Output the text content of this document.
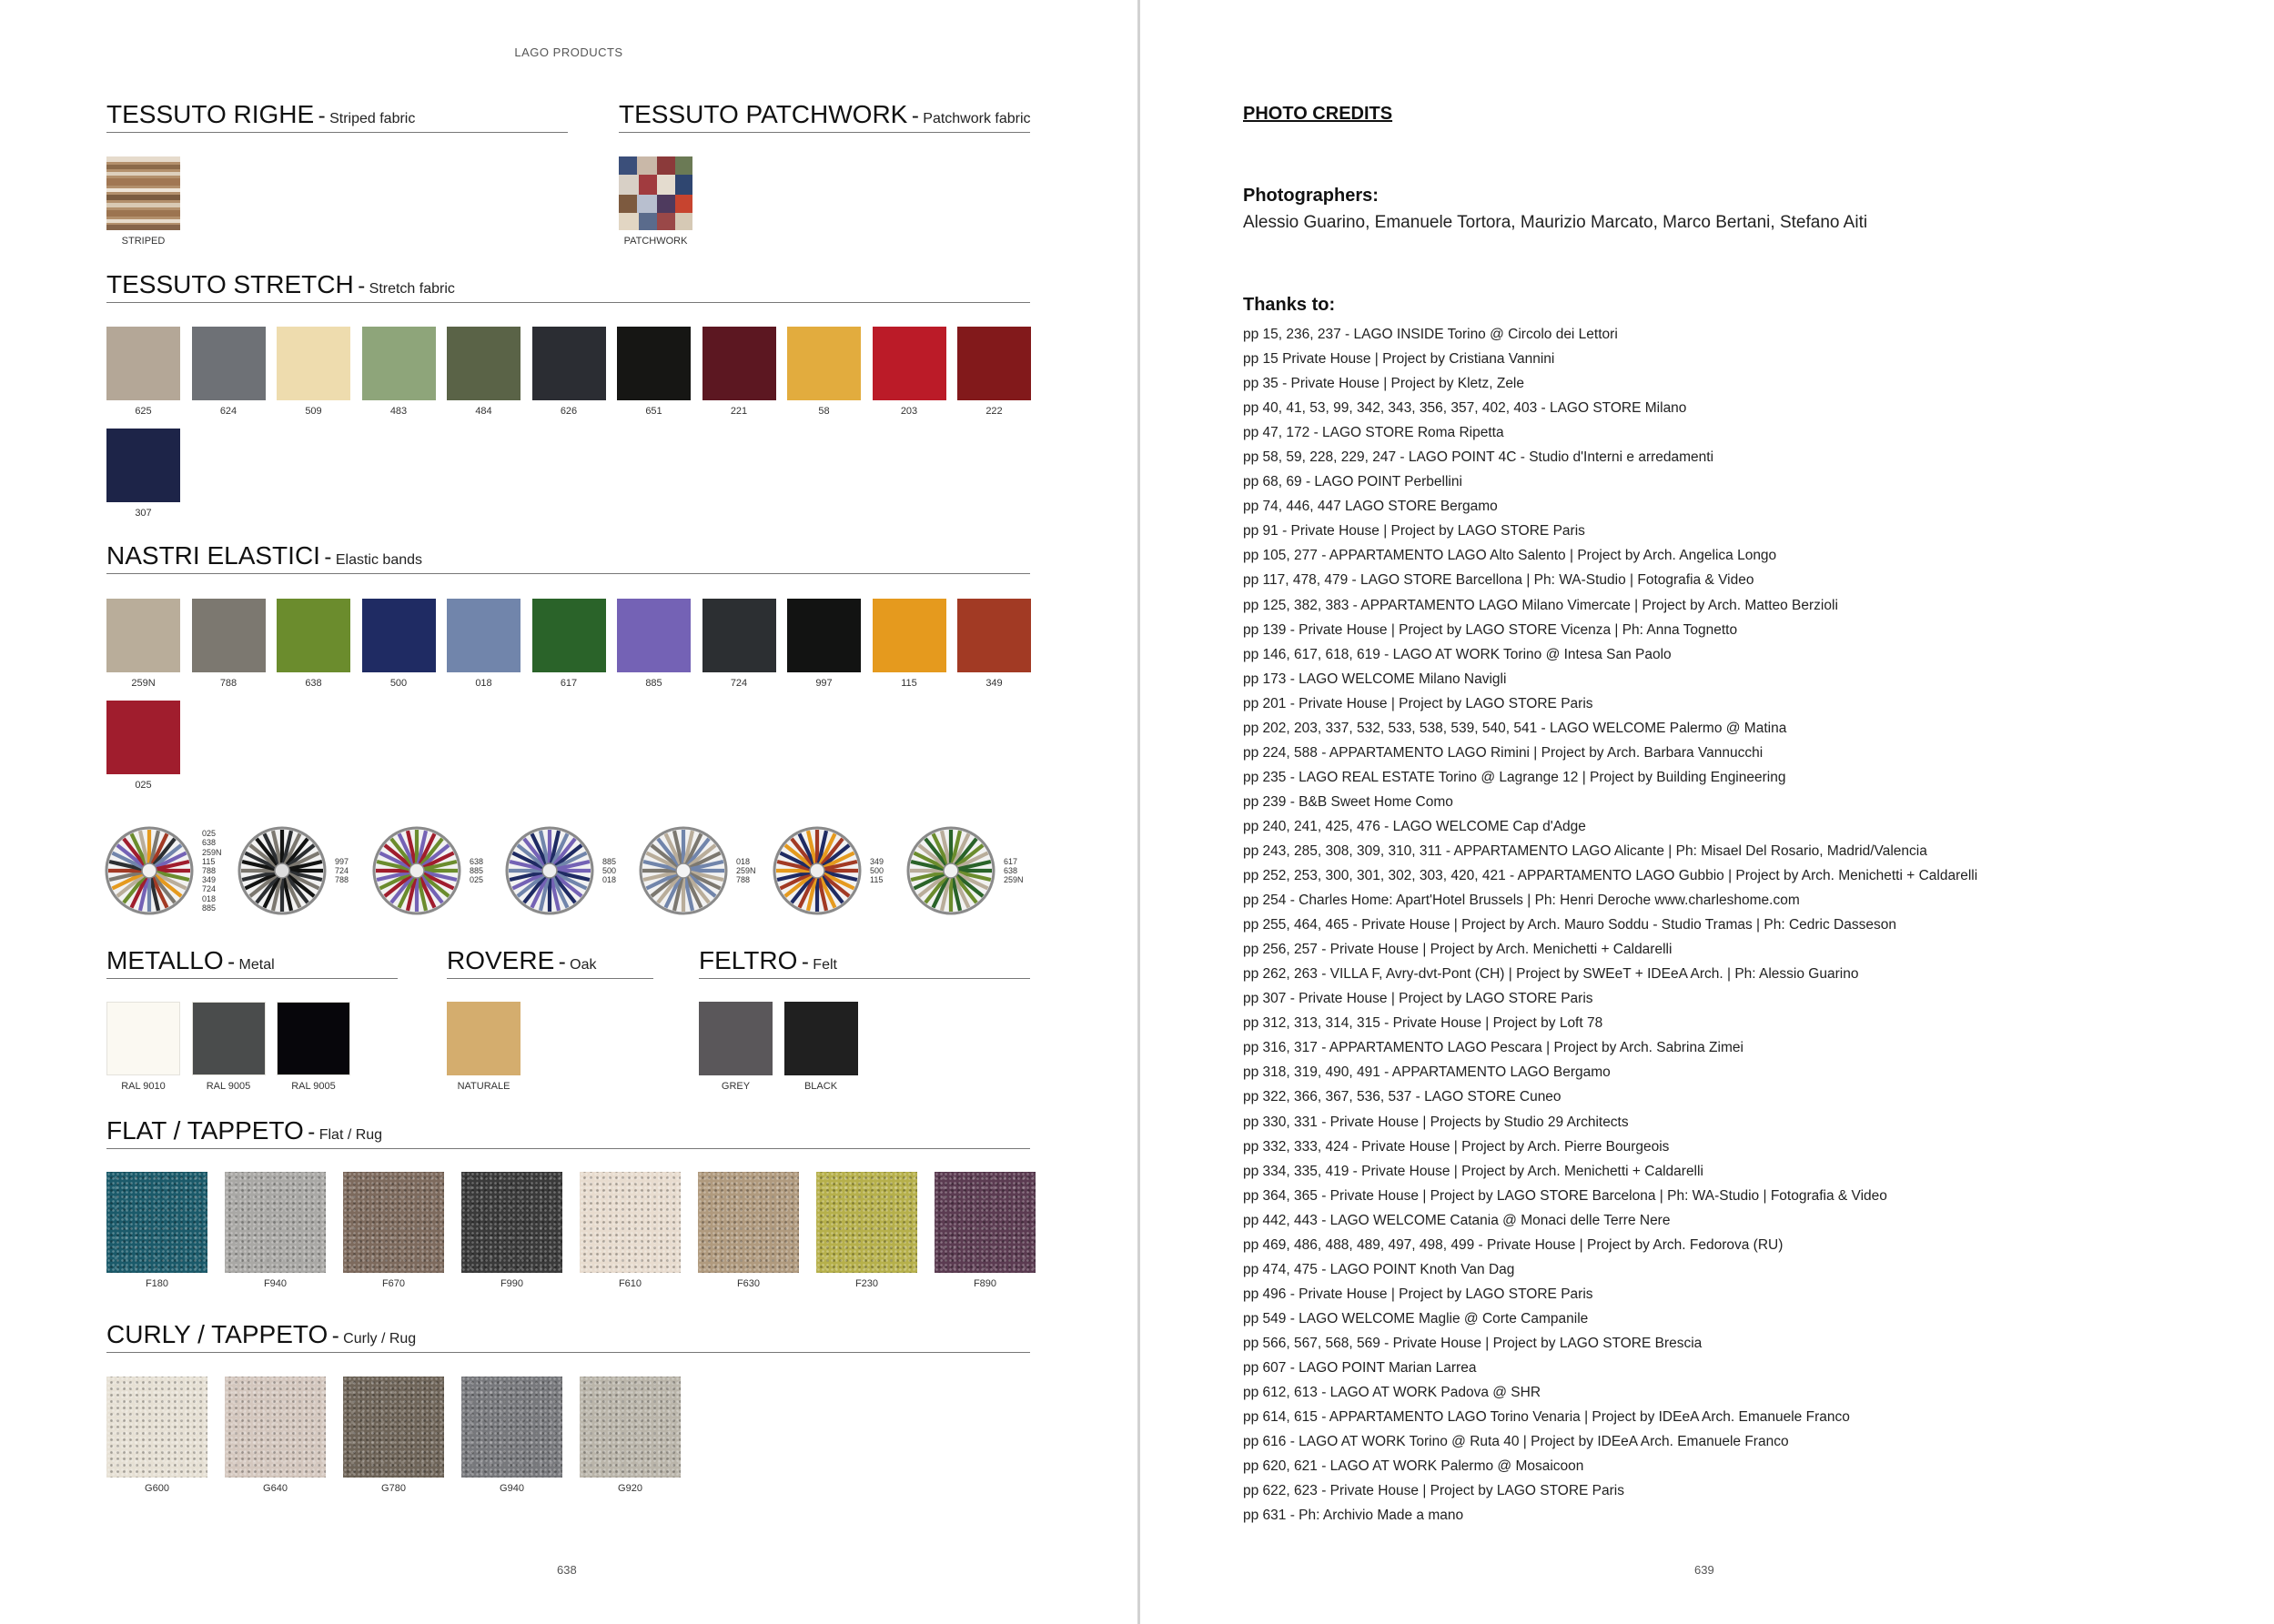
LAGO PRODUCTS
TESSUTO RIGHE - Striped fabric
STRIPED
TESSUTO PATCHWORK - Patchwork fabric
PATCHWORK
TESSUTO STRETCH - Stretch fabric
625	624	509	483	484	626	651	221	58	203	222
307
NASTRI ELASTICI - Elastic bands
259N	788	638	500	018	617	885	724	997	115	349
025
025
638
259N
115
788
349
724
018
885
997
724
788
638
885
025
885
500
018
018
259N
788
349
500
115
617
638
259N
METALLO - Metal	ROVERE - Oak	FELTRO - Felt
RAL 9010	RAL 9005	RAL 9005	NATURALE	GREY	BLACK
FLAT / TAPPETO - Flat / Rug
F180	F940	F670	F990	F610	F630	F230	F890
CURLY / TAPPETO - Curly / Rug
G600	G640	G780	G940	G920
638
PHOTO CREDITS
Photographers:
Alessio Guarino, Emanuele Tortora, Maurizio Marcato, Marco Bertani, Stefano Aiti
Thanks to:
pp 15, 236, 237 - LAGO INSIDE Torino @ Circolo dei Lettori
pp 15 Private House | Project by Cristiana Vannini
pp 35 - Private House | Project by Kletz, Zele
pp 40, 41, 53, 99, 342, 343, 356, 357, 402, 403 - LAGO STORE Milano
pp 47, 172 - LAGO STORE Roma Ripetta
pp 58, 59, 228, 229, 247 - LAGO POINT 4C - Studio d'Interni e arredamenti
pp 68, 69 - LAGO POINT Perbellini
pp 74, 446, 447 LAGO STORE Bergamo
pp 91 - Private House | Project by LAGO STORE Paris
pp 105, 277 - APPARTAMENTO LAGO Alto Salento | Project by Arch. Angelica Longo
pp 117, 478, 479 - LAGO STORE Barcellona | Ph: WA-Studio | Fotografia & Video
pp 125, 382, 383 - APPARTAMENTO LAGO Milano Vimercate | Project by Arch. Matteo Berzioli
pp 139 - Private House | Project by LAGO STORE Vicenza | Ph: Anna Tognetto
pp 146, 617, 618, 619 - LAGO AT WORK Torino @ Intesa San Paolo
pp 173 - LAGO WELCOME Milano Navigli
pp 201 - Private House | Project by LAGO STORE Paris
pp 202, 203, 337, 532, 533, 538, 539, 540, 541 - LAGO WELCOME Palermo @ Matina
pp 224, 588 - APPARTAMENTO LAGO Rimini | Project by Arch. Barbara Vannucchi
pp 235 - LAGO REAL ESTATE Torino @ Lagrange 12 | Project by Building Engineering
pp 239 - B&B Sweet Home Como
pp 240, 241, 425, 476 - LAGO WELCOME Cap d'Adge
pp 243, 285, 308, 309, 310, 311 - APPARTAMENTO LAGO Alicante | Ph: Misael Del Rosario, Madrid/Valencia
pp 252, 253, 300, 301, 302, 303, 420, 421 - APPARTAMENTO LAGO Gubbio | Project by Arch. Menichetti + Caldarelli
pp 254 - Charles Home: Apart'Hotel Brussels | Ph: Henri Deroche www.charleshome.com
pp 255, 464, 465 - Private House | Project by Arch. Mauro Soddu - Studio Tramas | Ph: Cedric Dasseson
pp 256, 257 - Private House | Project by Arch. Menichetti + Caldarelli
pp 262, 263 - VILLA F, Avry-dvt-Pont (CH) | Project by SWEeT + IDEeA Arch. | Ph: Alessio Guarino
pp 307 - Private House | Project by LAGO STORE Paris
pp 312, 313, 314, 315 - Private House | Project by Loft 78
pp 316, 317 - APPARTAMENTO LAGO Pescara | Project by Arch. Sabrina Zimei
pp 318, 319, 490, 491 - APPARTAMENTO LAGO Bergamo
pp 322, 366, 367, 536, 537 - LAGO STORE Cuneo
pp 330, 331 - Private House | Projects by Studio 29 Architects
pp 332, 333, 424 - Private House | Project by Arch. Pierre Bourgeois
pp 334, 335, 419 - Private House | Project by Arch. Menichetti + Caldarelli
pp 364, 365 - Private House | Project by LAGO STORE Barcelona | Ph: WA-Studio | Fotografia & Video
pp 442, 443 - LAGO WELCOME Catania @ Monaci delle Terre Nere
pp 469, 486, 488, 489, 497, 498, 499 - Private House | Project by Arch. Fedorova (RU)
pp 474, 475 - LAGO POINT Knoth Van Dag
pp 496 - Private House | Project by LAGO STORE Paris
pp 549 - LAGO WELCOME Maglie @ Corte Campanile
pp 566, 567, 568, 569 - Private House | Project by LAGO STORE Brescia
pp 607 - LAGO POINT Marian Larrea
pp 612, 613 - LAGO AT WORK Padova @ SHR
pp 614, 615 - APPARTAMENTO LAGO Torino Venaria | Project by IDEeA Arch. Emanuele Franco
pp 616 - LAGO AT WORK Torino @ Ruta 40 | Project by IDEeA Arch. Emanuele Franco
pp 620, 621 - LAGO AT WORK Palermo @ Mosaicoon
pp 622, 623 - Private House | Project by LAGO STORE Paris
pp 631 - Ph: Archivio Made a mano
639
